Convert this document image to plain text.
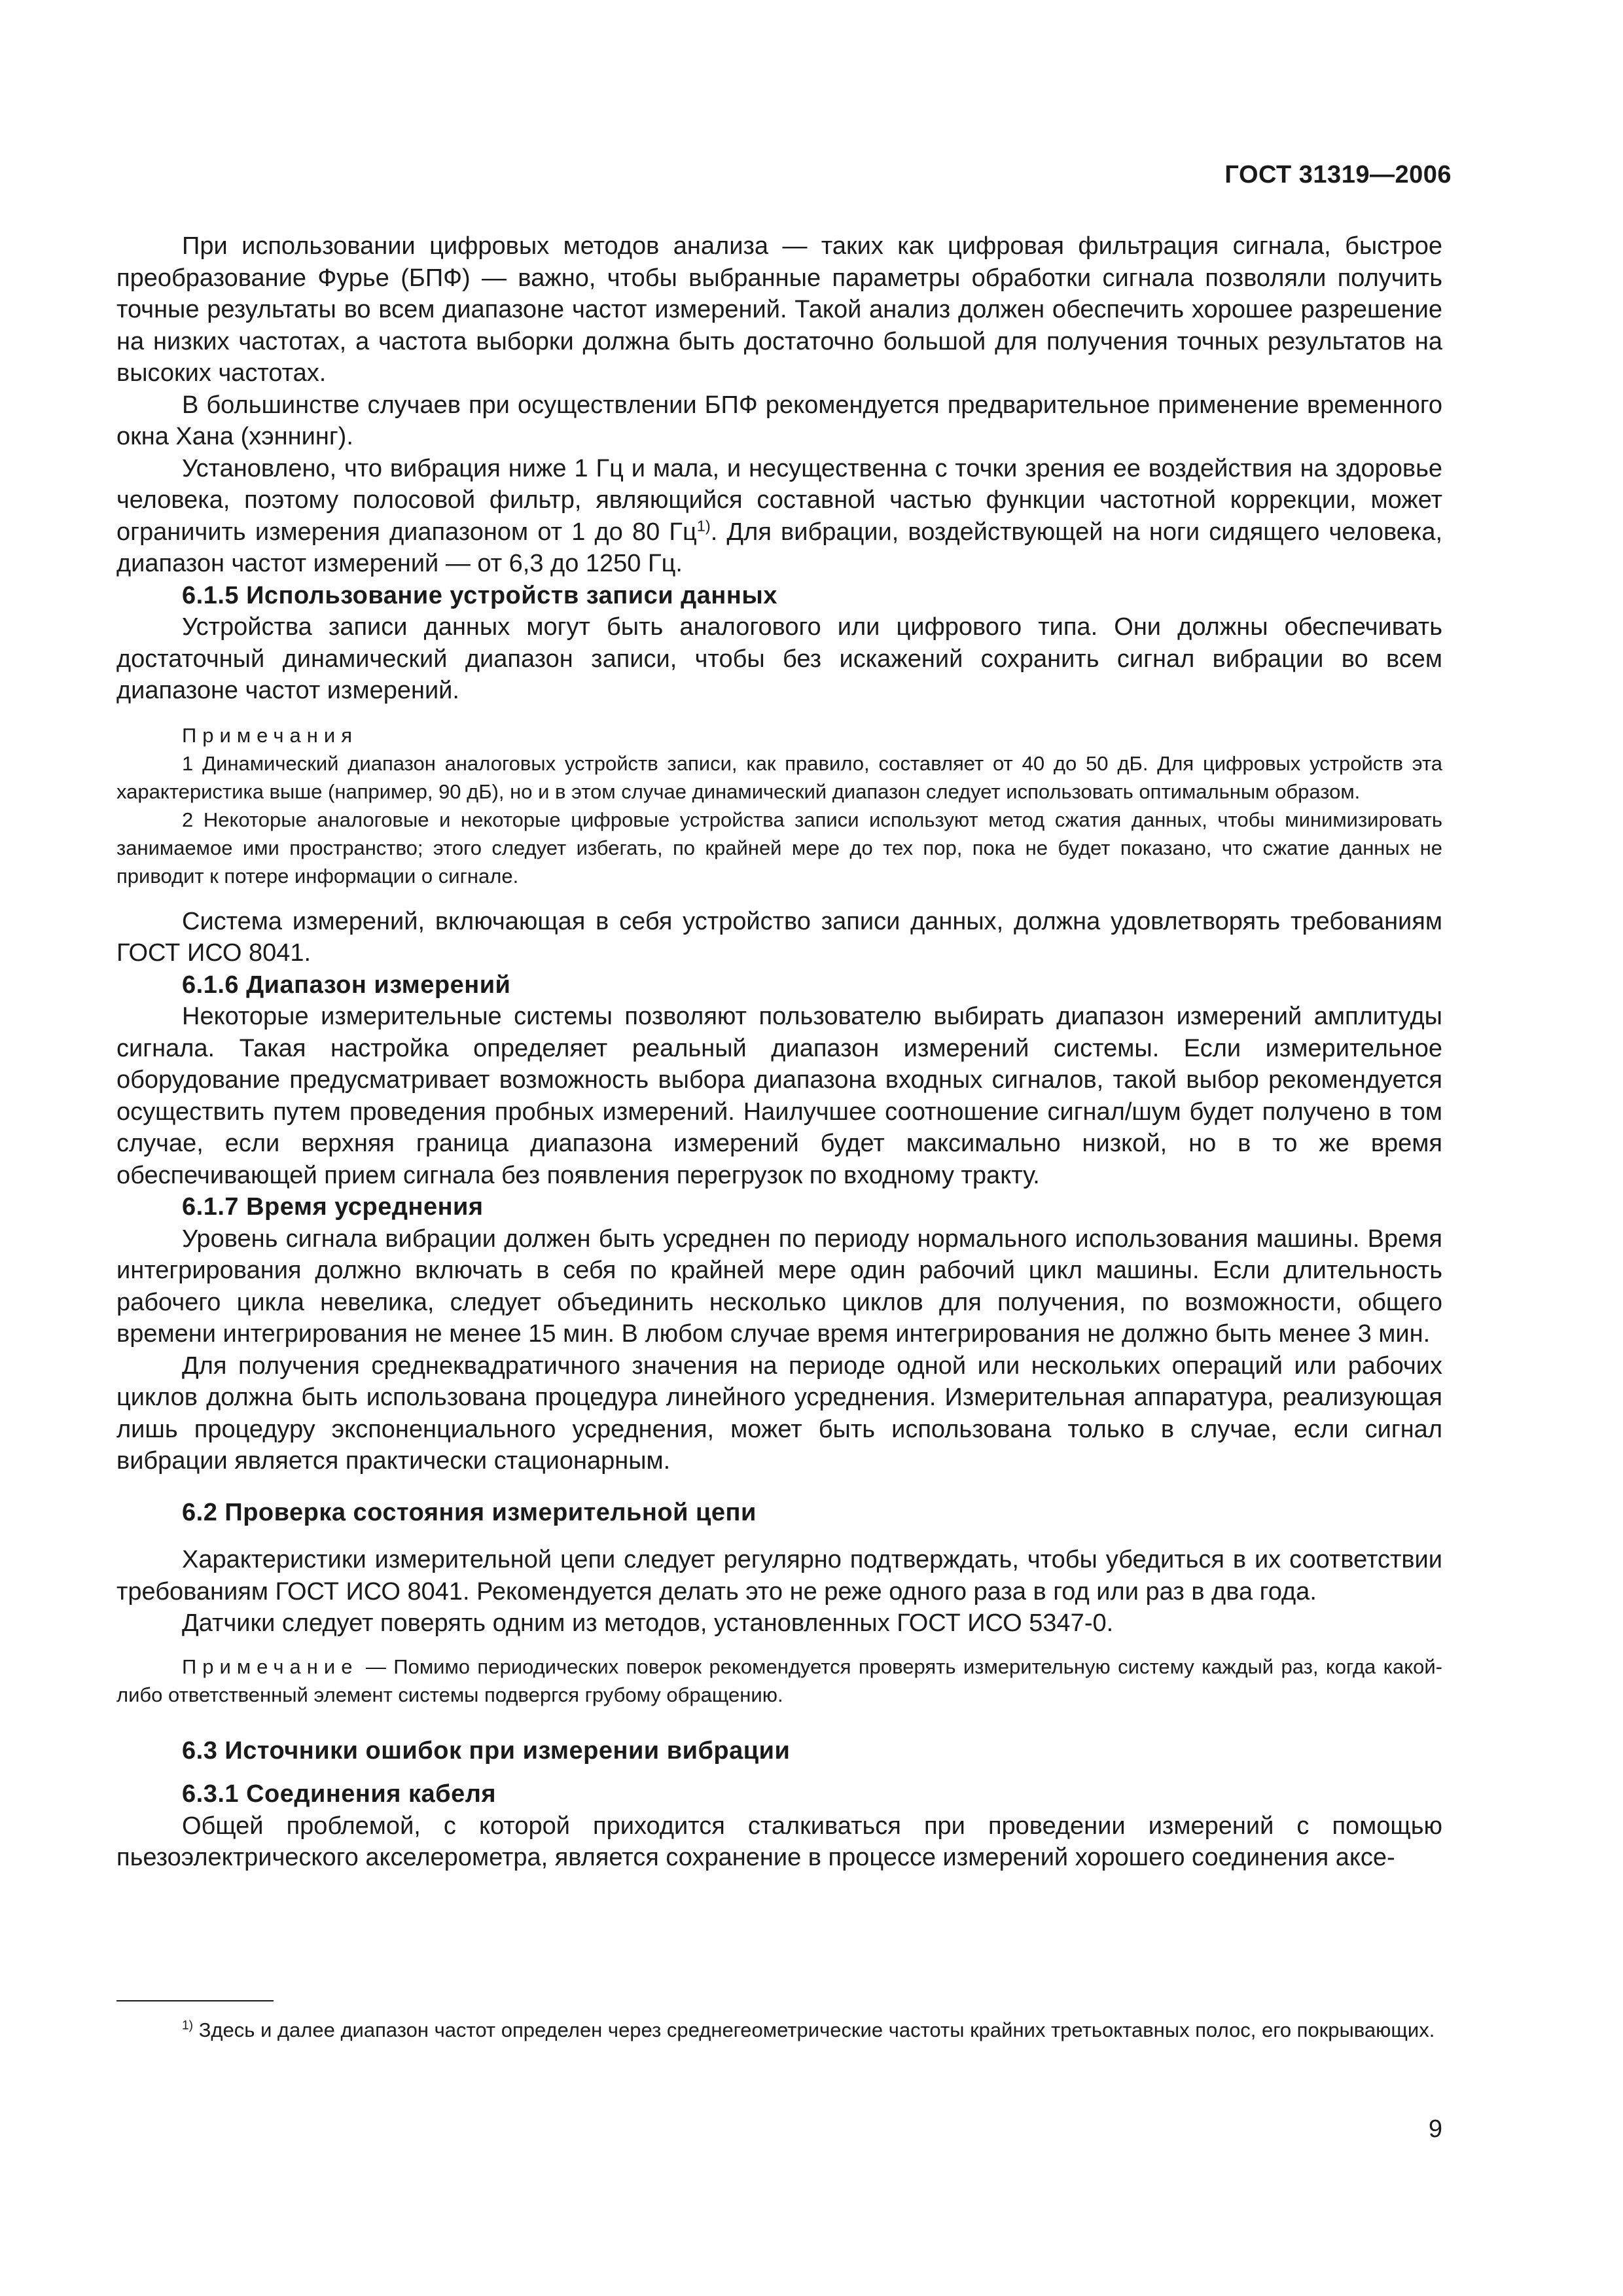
ГОСТ 31319—2006

При использовании цифровых методов анализа — таких как цифровая фильтрация сигнала, быстрое преобразование Фурье (БПФ) — важно, чтобы выбранные параметры обработки сигнала позволяли получить точные результаты во всем диапазоне частот измерений. Такой анализ должен обеспечить хорошее разрешение на низких частотах, а частота выборки должна быть достаточно большой для получения точных результатов на высоких частотах.

В большинстве случаев при осуществлении БПФ рекомендуется предварительное применение временного окна Хана (хэннинг).

Установлено, что вибрация ниже 1 Гц и мала, и несущественна с точки зрения ее воздействия на здоровье человека, поэтому полосовой фильтр, являющийся составной частью функции частотной коррекции, может ограничить измерения диапазоном от 1 до 80 $Гц^{1)}$. Для вибрации, воздействующей на ноги сидящего человека, диапазон частот измерений — от 6,3 до 1250 Гц.

6.1.5 Использование устройств записи данных

Устройства записи данных могут быть аналогового или цифрового типа. Они должны обеспечивать достаточный динамический диапазон записи, чтобы без искажений сохранить сигнал вибрации во всем диапазоне частот измерений.

Примечания

1 Динамический диапазон аналоговых устройств записи, как правило, составляет от 40 до 50 дБ. Для цифровых устройств эта характеристика выше (например, 90 дБ), но и в этом случае динамический диапазон следует использовать оптимальным образом.

2 Некоторые аналоговые и некоторые цифровые устройства записи используют метод сжатия данных, чтобы минимизировать занимаемое ими пространство; этого следует избегать, по крайней мере до тех пор, пока не будет показано, что сжатие данных не приводит к потере информации о сигнале.

Система измерений, включающая в себя устройство записи данных, должна удовлетворять требованиям ГОСТ ИСО 8041.

6.1.6 Диапазон измерений

Некоторые измерительные системы позволяют пользователю выбирать диапазон измерений амплитуды сигнала. Такая настройка определяет реальный диапазон измерений системы. Если измерительное оборудование предусматривает возможность выбора диапазона входных сигналов, такой выбор рекомендуется осуществить путем проведения пробных измерений. Наилучшее соотношение сигнал/шум будет получено в том случае, если верхняя граница диапазона измерений будет максимально низкой, но в то же время обеспечивающей прием сигнала без появления перегрузок по входному тракту.

6.1.7 Время усреднения

Уровень сигнала вибрации должен быть усреднен по периоду нормального использования машины. Время интегрирования должно включать в себя по крайней мере один рабочий цикл машины. Если длительность рабочего цикла невелика, следует объединить несколько циклов для получения, по возможности, общего времени интегрирования не менее 15 мин. В любом случае время интегрирования не должно быть менее 3 мин.

Для получения среднеквадратичного значения на периоде одной или нескольких операций или рабочих циклов должна быть использована процедура линейного усреднения. Измерительная аппаратура, реализующая лишь процедуру экспоненциального усреднения, может быть использована только в случае, если сигнал вибрации является практически стационарным.

6.2 Проверка состояния измерительной цепи

Характеристики измерительной цепи следует регулярно подтверждать, чтобы убедиться в их соответствии требованиям ГОСТ ИСО 8041. Рекомендуется делать это не реже одного раза в год или раз в два года.

Датчики следует поверять одним из методов, установленных ГОСТ ИСО 5347-0.

Примечание — Помимо периодических поверок рекомендуется проверять измерительную систему каждый раз, когда какой-либо ответственный элемент системы подвергся грубому обращению.

6.3 Источники ошибок при измерении вибрации
6.3.1 Соединения кабеля

Общей проблемой, с которой приходится сталкиваться при проведении измерений с помощью пьезоэлектрического акселерометра, является сохранение в процессе измерений хорошего соединения аксе-

$^{1)}$ Здесь и далее диапазон частот определен через среднегеометрические частоты крайних третьоктавных полос, его покрывающих.

9
